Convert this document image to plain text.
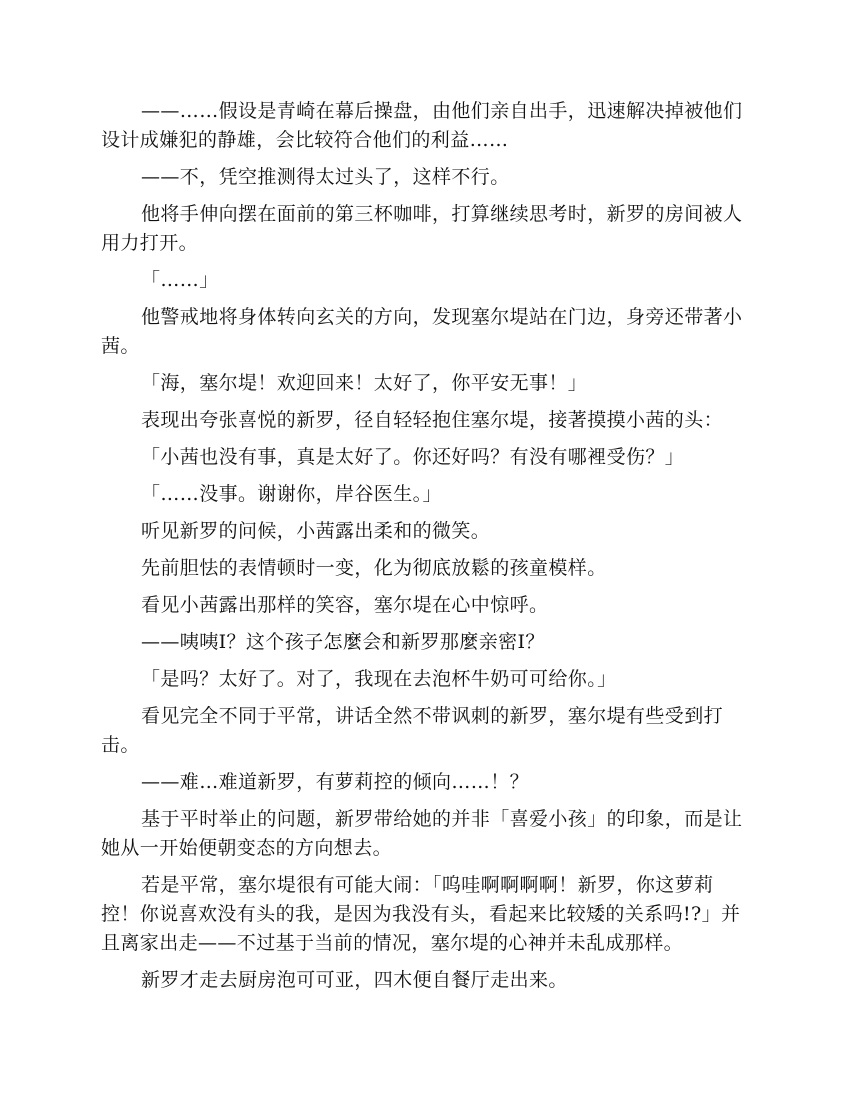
——……假设是青崎在幕后操盘，由他们亲自出手，迅速解决掉被他们设计成嫌犯的静雄，会比较符合他们的利益……

——不，凭空推测得太过头了，这样不行。

他将手伸向摆在面前的第三杯咖啡，打算继续思考时，新罗的房间被人用力打开。

「……」

他警戒地将身体转向玄关的方向，发现塞尔堤站在门边，身旁还带著小茜。

「海，塞尔堤！欢迎回来！太好了，你平安无事！」

表现出夸张喜悦的新罗，径自轻轻抱住塞尔堤，接著摸摸小茜的头：

「小茜也没有事，真是太好了。你还好吗？有没有哪裡受伤？」

「……没事。谢谢你，岸谷医生。」

听见新罗的问候，小茜露出柔和的微笑。

先前胆怯的表情顿时一变，化为彻底放鬆的孩童模样。

看见小茜露出那样的笑容，塞尔堤在心中惊呼。

——咦咦I？这个孩子怎麼会和新罗那麼亲密I？

「是吗？太好了。对了，我现在去泡杯牛奶可可给你。」

看见完全不同于平常，讲话全然不带讽刺的新罗，塞尔堤有些受到打击。

——难…难道新罗，有萝莉控的倾向……！？

基于平时举止的问题，新罗带给她的并非「喜爱小孩」的印象，而是让她从一开始便朝变态的方向想去。

若是平常，塞尔堤很有可能大闹：「呜哇啊啊啊啊！新罗，你这萝莉控！你说喜欢没有头的我，是因为我没有头，看起来比较矮的关系吗!?」并且离家出走——不过基于当前的情况，塞尔堤的心神并未乱成那样。

新罗才走去厨房泡可可亚，四木便自餐厅走出来。
